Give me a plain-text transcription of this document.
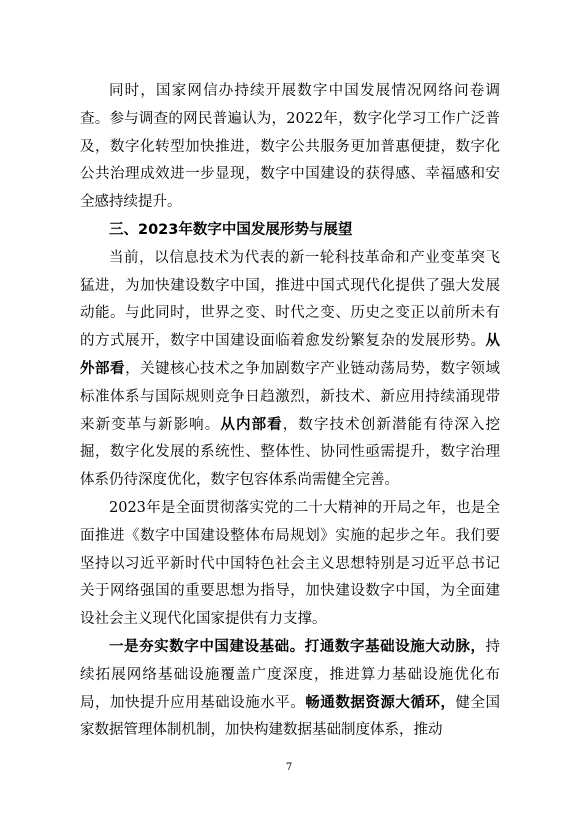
同时，国家网信办持续开展数字中国发展情况网络问卷调查。参与调查的网民普遍认为，2022年，数字化学习工作广泛普及，数字化转型加快推进，数字公共服务更加普惠便捷，数字化公共治理成效进一步显现，数字中国建设的获得感、幸福感和安全感持续提升。

三、2023年数字中国发展形势与展望

当前，以信息技术为代表的新一轮科技革命和产业变革突飞猛进，为加快建设数字中国，推进中国式现代化提供了强大发展动能。与此同时，世界之变、时代之变、历史之变正以前所未有的方式展开，数字中国建设面临着愈发纷繁复杂的发展形势。从外部看，关键核心技术之争加剧数字产业链动荡局势，数字领域标准体系与国际规则竞争日趋激烈，新技术、新应用持续涌现带来新变革与新影响。从内部看，数字技术创新潜能有待深入挖掘，数字化发展的系统性、整体性、协同性亟需提升，数字治理体系仍待深度优化，数字包容体系尚需健全完善。

2023年是全面贯彻落实党的二十大精神的开局之年，也是全面推进《数字中国建设整体布局规划》实施的起步之年。我们要坚持以习近平新时代中国特色社会主义思想特别是习近平总书记关于网络强国的重要思想为指导，加快建设数字中国，为全面建设社会主义现代化国家提供有力支撑。

一是夯实数字中国建设基础。打通数字基础设施大动脉，持续拓展网络基础设施覆盖广度深度，推进算力基础设施优化布局，加快提升应用基础设施水平。畅通数据资源大循环，健全国家数据管理体制机制，加快构建数据基础制度体系，推动

7
